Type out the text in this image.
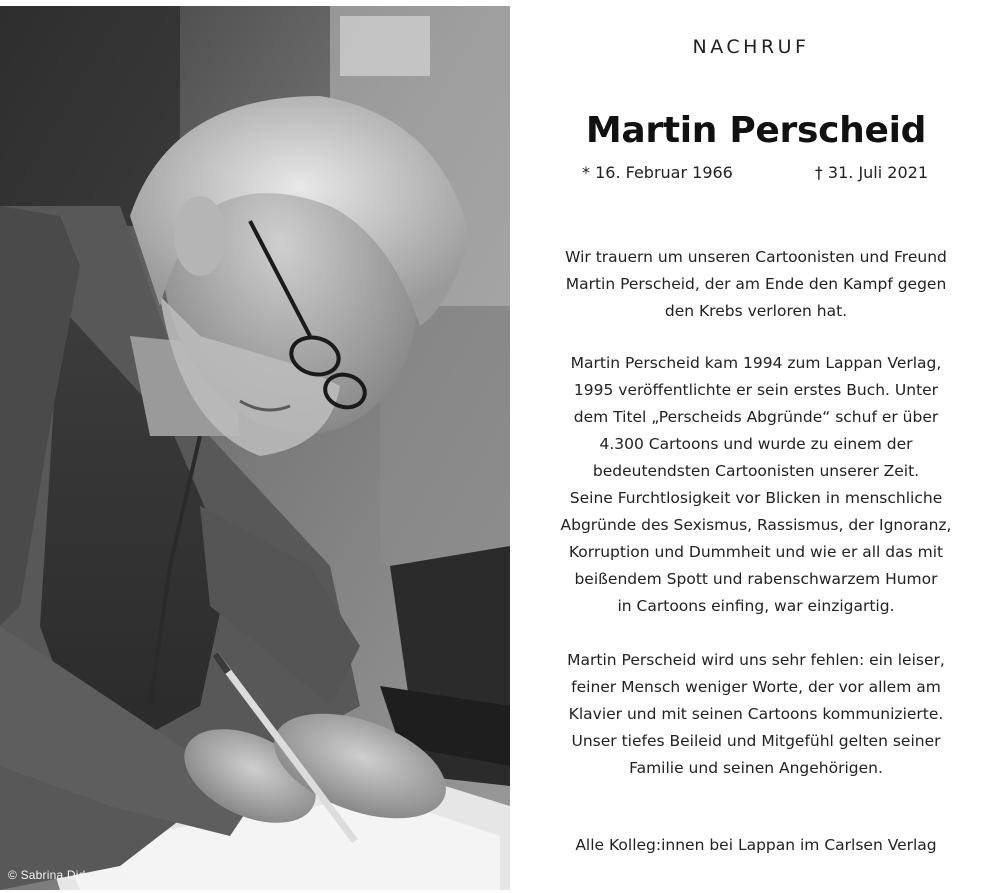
© Sabrina Didschuneit
NACHRUF
Martin Perscheid
* 16. Februar 1966	† 31. Juli 2021

Wir trauern um unseren Cartoonisten und Freund
Martin Perscheid, der am Ende den Kampf gegen
den Krebs verloren hat.

Martin Perscheid kam 1994 zum Lappan Verlag,
1995 veröffentlichte er sein erstes Buch. Unter
dem Titel „Perscheids Abgründe“ schuf er über
4.300 Cartoons und wurde zu einem der
bedeutendsten Cartoonisten unserer Zeit.
Seine Furchtlosigkeit vor Blicken in menschliche
Abgründe des Sexismus, Rassismus, der Ignoranz,
Korruption und Dummheit und wie er all das mit
beißendem Spott und rabenschwarzem Humor
in Cartoons einfing, war einzigartig.

Martin Perscheid wird uns sehr fehlen: ein leiser,
feiner Mensch weniger Worte, der vor allem am
Klavier und mit seinen Cartoons kommunizierte.
Unser tiefes Beileid und Mitgefühl gelten seiner
Familie und seinen Angehörigen.

Alle Kolleg:innen bei Lappan im Carlsen Verlag
